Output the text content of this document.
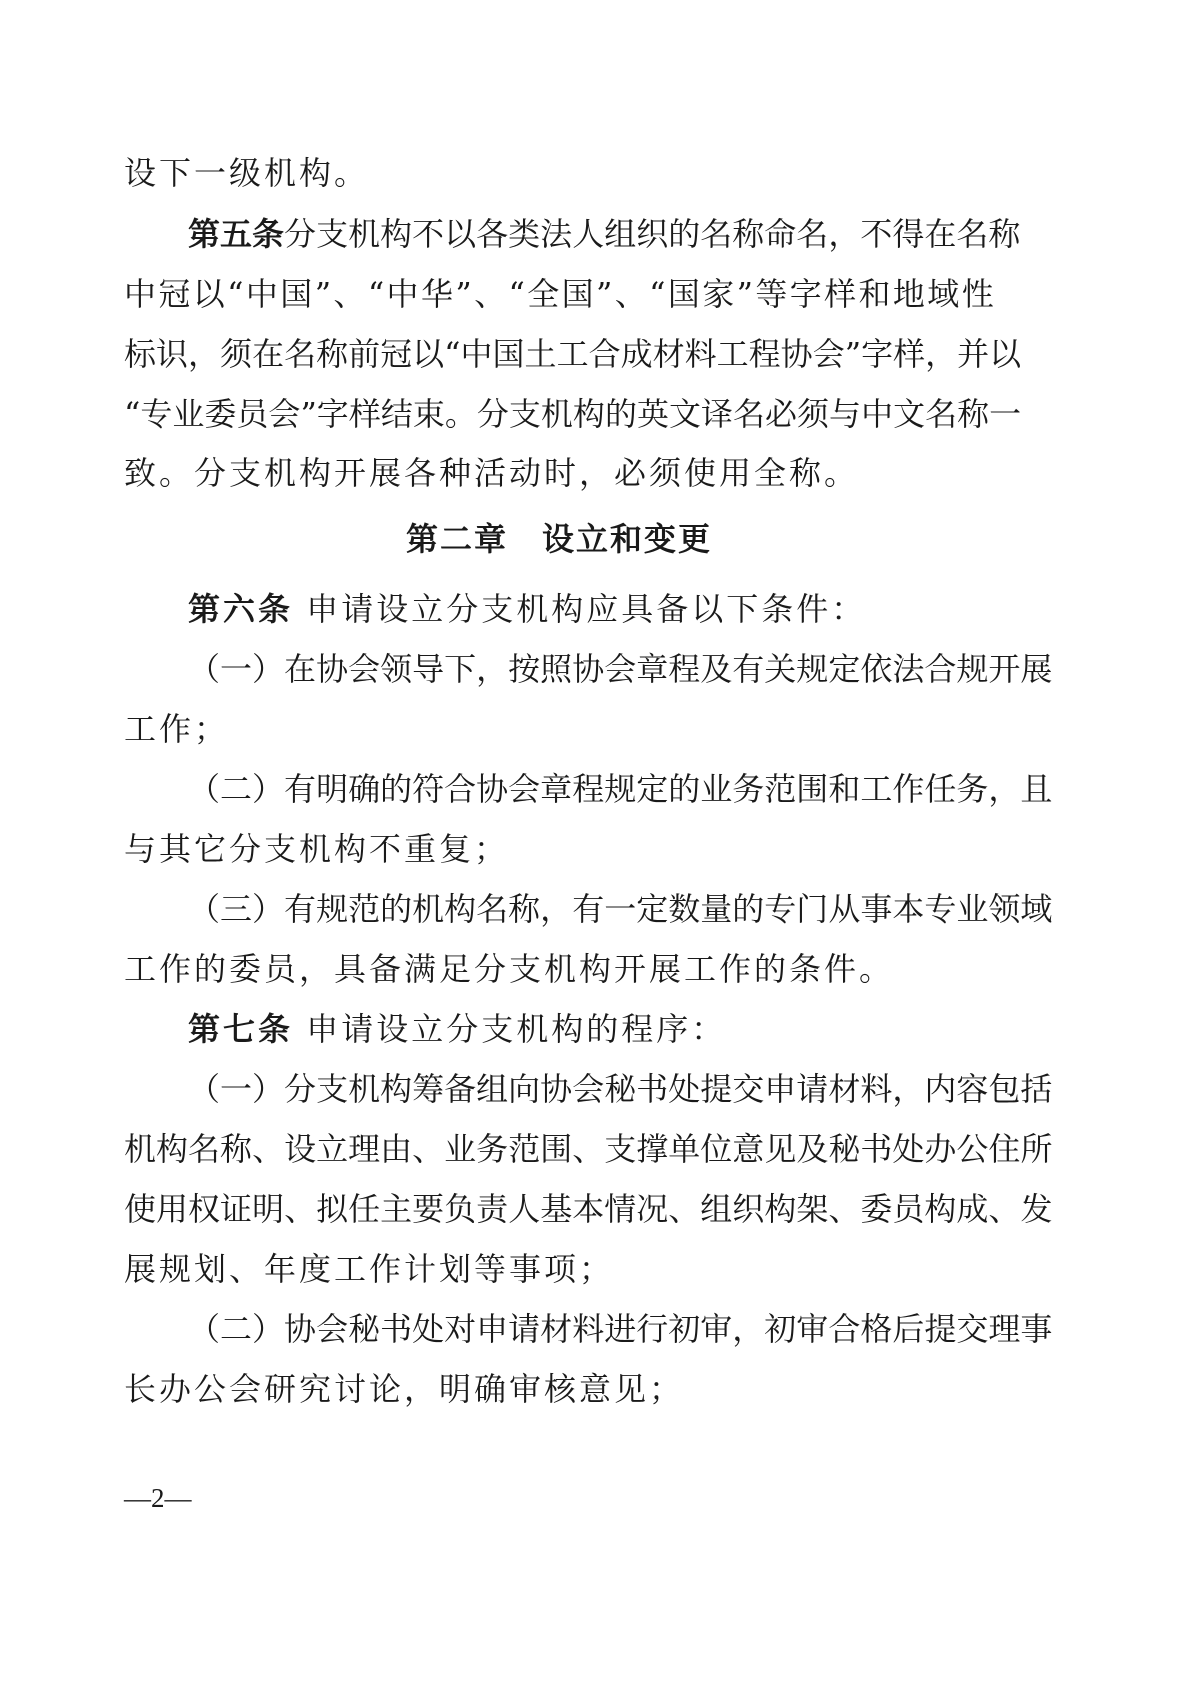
设下一级机构。
第 五 条 分 支 机 构 不 以 各 类 法 人 组 织 的 名 称 命 名 ， 不 得 在 名 称
中 冠 以 “ 中 国 ” 、 “ 中 华 ” 、 “ 全 国 ” 、 “ 国 家 ” 等 字 样 和 地 域 性
标 识 ， 须 在 名 称 前 冠 以 “ 中 国 土 工 合 成 材 料 工 程 协 会 ” 字 样 ， 并 以
“ 专 业 委 员 会 ” 字 样 结 束 。 分 支 机 构 的 英 文 译 名 必 须 与 中 文 名 称 一
致。分支机构开展各种活动时，必须使用全称。
第六条 申请设立分支机构应具备以下条件：
（ 一 ） 在 协 会 领 导 下 ， 按 照 协 会 章 程 及 有 关 规 定 依 法 合 规 开 展
工作；
（ 二 ） 有 明 确 的 符 合 协 会 章 程 规 定 的 业 务 范 围 和 工 作 任 务 ， 且
与其它分支机构不重复；
（ 三 ） 有 规 范 的 机 构 名 称 ， 有 一 定 数 量 的 专 门 从 事 本 专 业 领 域
工作的委员，具备满足分支机构开展工作的条件。
第七条 申请设立分支机构的程序：
（ 一 ） 分 支 机 构 筹 备 组 向 协 会 秘 书 处 提 交 申 请 材 料 ， 内 容 包 括
机 构 名 称 、 设 立 理 由 、 业 务 范 围 、 支 撑 单 位 意 见 及 秘 书 处 办 公 住 所
使 用 权 证 明 、 拟 任 主 要 负 责 人 基 本 情 况 、 组 织 构 架 、 委 员 构 成 、 发
展规划、年度工作计划等事项；
（ 二 ） 协 会 秘 书 处 对 申 请 材 料 进 行 初 审 ， 初 审 合 格 后 提 交 理 事
长办公会研究讨论，明确审核意见；
第二章　设立和变更
—2—
